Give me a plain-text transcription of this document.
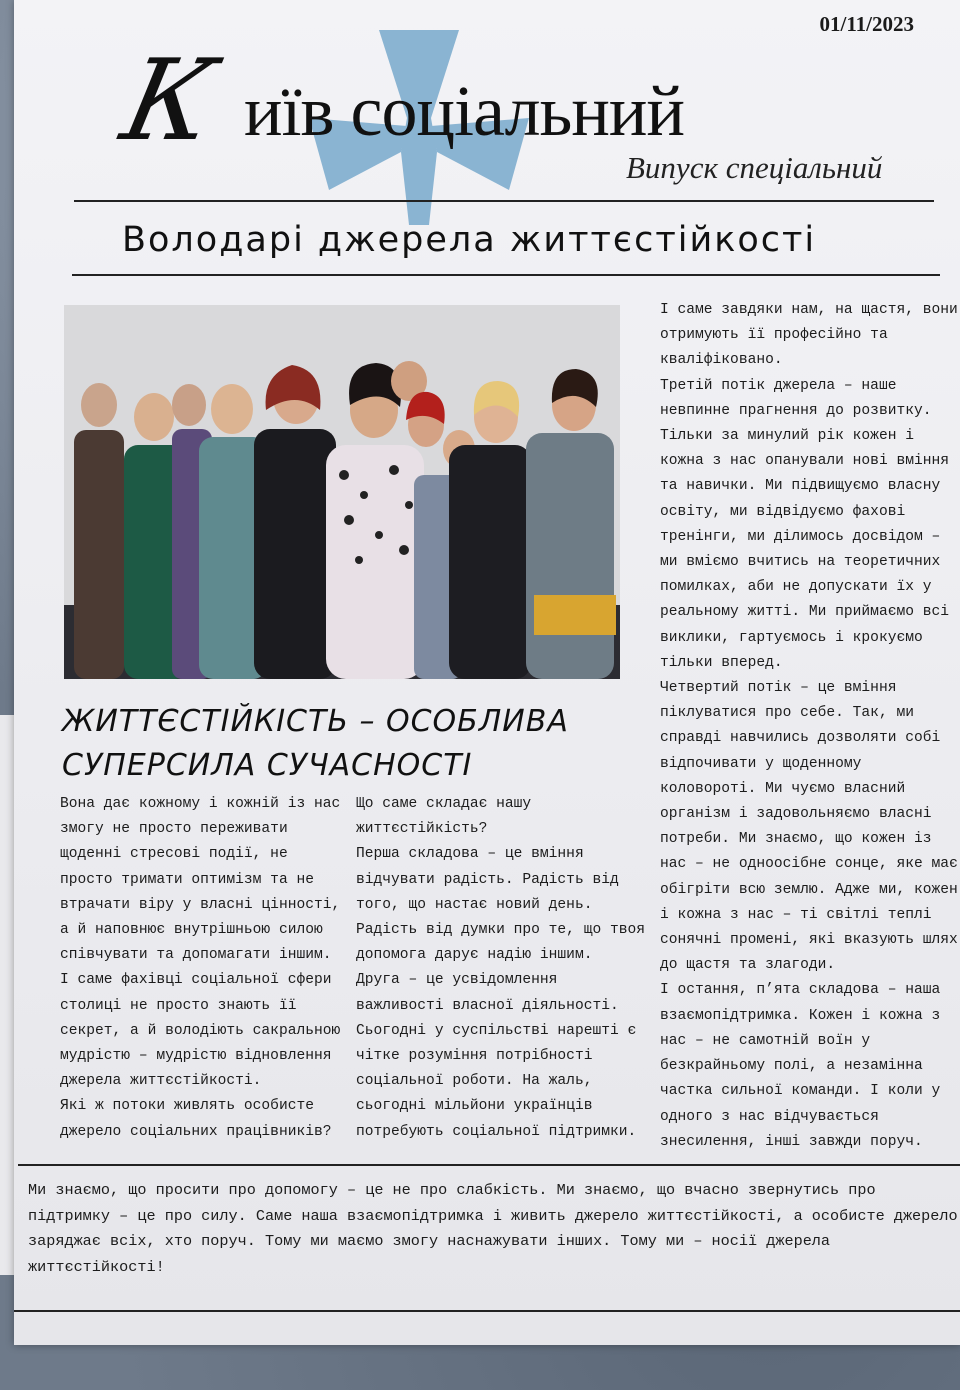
01/11/2023
К иїв соціальний
Випуск спеціальний
Володарі джерела життєстійкості
ЖИТТЄСТІЙКІСТЬ – ОСОБЛИВА СУПЕРСИЛА СУЧАСНОСТІ

Вона дає кожному і кожній із нас змогу не просто переживати щоденні стресові події, не просто тримати оптимізм та не втрачати віру у власні цінності, а й наповнює внутрішньою силою співчувати та допомагати іншим. І саме фахівці соціальної сфери столиці не просто знають її секрет, а й володіють сакральною мудрістю – мудрістю відновлення джерела життєстійкості.

Які ж потоки живлять особисте джерело соціальних працівників?

Що саме складає нашу життєстійкість?

Перша складова – це вміння відчувати радість. Радість від того, що настає новий день. Радість від думки про те, що твоя допомога дарує надію іншим.

Друга – це усвідомлення важливості власної діяльності. Сьогодні у суспільстві нарешті є чітке розуміння потрібності соціальної роботи. На жаль, сьогодні мільйони українців потребують соціальної підтримки.

І саме завдяки нам, на щастя, вони отримують її професійно та кваліфіковано.

Третій потік джерела – наше невпинне прагнення до розвитку. Тільки за минулий рік кожен і кожна з нас опанували нові вміння та навички. Ми підвищуємо власну освіту, ми відвідуємо фахові тренінги, ми ділимось досвідом – ми вміємо вчитись на теоретичних помилках, аби не допускати їх у реальному житті. Ми приймаємо всі виклики, гартуємось і крокуємо тільки вперед.

Четвертий потік – це вміння піклуватися про себе. Так, ми справді навчились дозволяти собі відпочивати у щоденному коловороті. Ми чуємо власний організм і задовольняємо власні потреби. Ми знаємо, що кожен із нас – не одноосібне сонце, яке має обігріти всю землю. Адже ми, кожен і кожна з нас – ті світлі теплі сонячні промені, які вказують шлях до щастя та злагоди.

І остання, п’ята складова – наша взаємопідтримка. Кожен і кожна з нас – не самотній воїн у безкрайньому полі, а незамінна частка сильної команди. І коли у одного з нас відчувається знесилення, інші завжди поруч.

Ми знаємо, що просити про допомогу – це не про слабкість. Ми знаємо, що вчасно звернутись про підтримку – це про силу. Саме наша взаємопідтримка і живить джерело життєстійкості, а особисте джерело заряджає всіх, хто поруч. Тому ми маємо змогу наснажувати інших. Тому ми – носії джерела життєстійкості!
